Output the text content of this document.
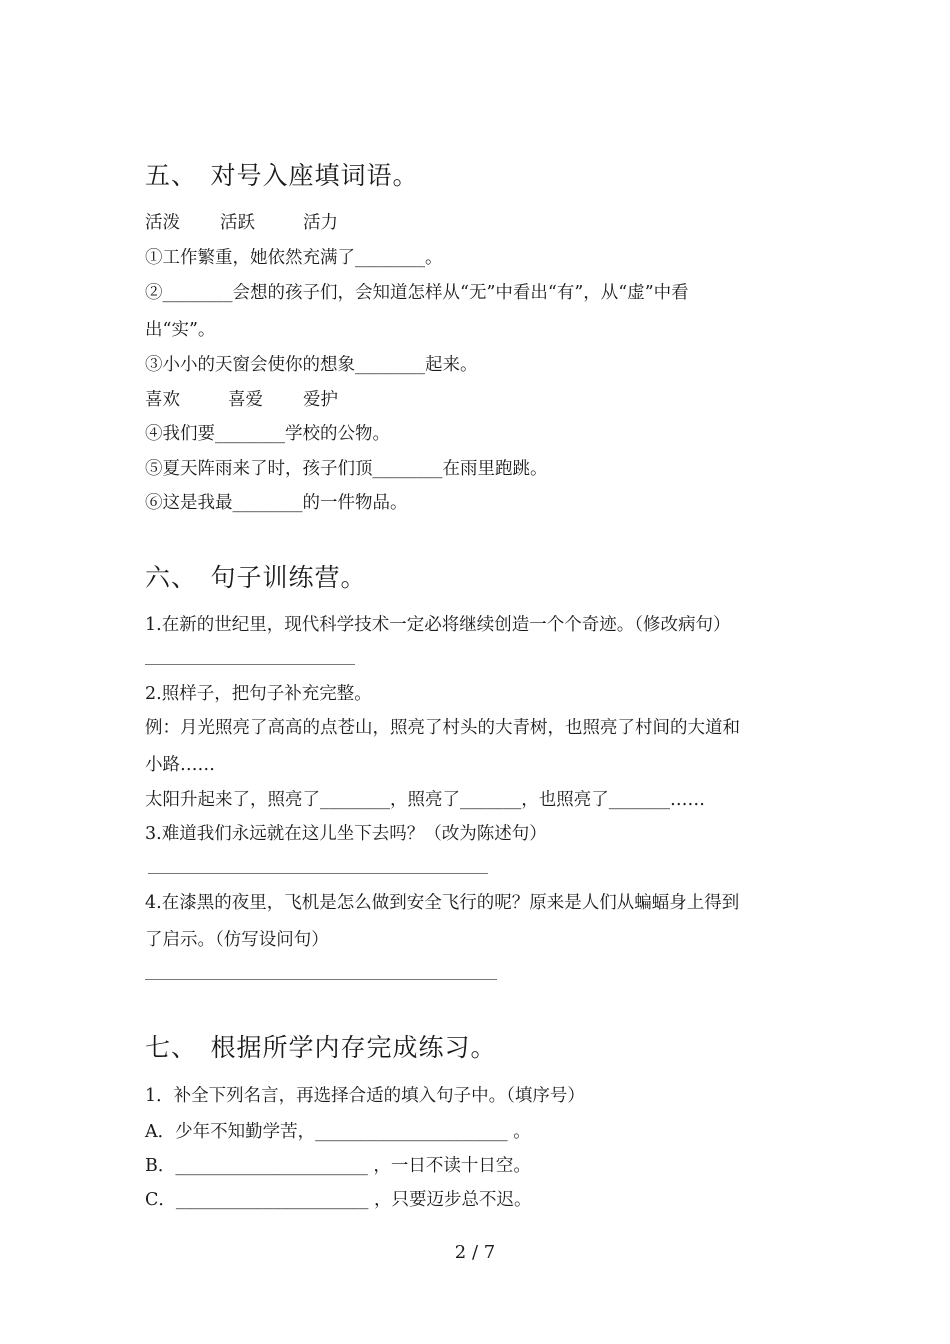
五、　对号入座填词语。
活泼 活跃	活力
①工作繁重，她依然充满了________。
②________会想的孩子们，会知道怎样从“无”中看出“有”，从“虚”中看
出“实”。
③小小的天窗会使你的想象________起来。
喜欢	喜爱 爱护
④我们要________学校的公物。
⑤夏天阵雨来了时，孩子们顶________在雨里跑跳。
⑥这是我最________的一件物品。
六、　句子训练营。
1.在新的世纪里，现代科学技术一定必将继续创造一个个奇迹。（修改病句）
2.照样子，把句子补充完整。
例：月光照亮了高高的点苍山，照亮了村头的大青树，也照亮了村间的大道和
小路……
太阳升起来了，照亮了________，照亮了_______，也照亮了_______……
3.难道我们永远就在这儿坐下去吗？（改为陈述句）
4.在漆黑的夜里，飞机是怎么做到安全飞行的呢？原来是人们从蝙蝠身上得到
了启示。（仿写设问句）
七、　根据所学内存完成练习。
1．补全下列名言，再选择合适的填入句子中。（填序号）
A．少年不知勤学苦，______________________ 。
B．______________________ ，一日不读十日空。
C．______________________ ，只要迈步总不迟。
2 / 7
